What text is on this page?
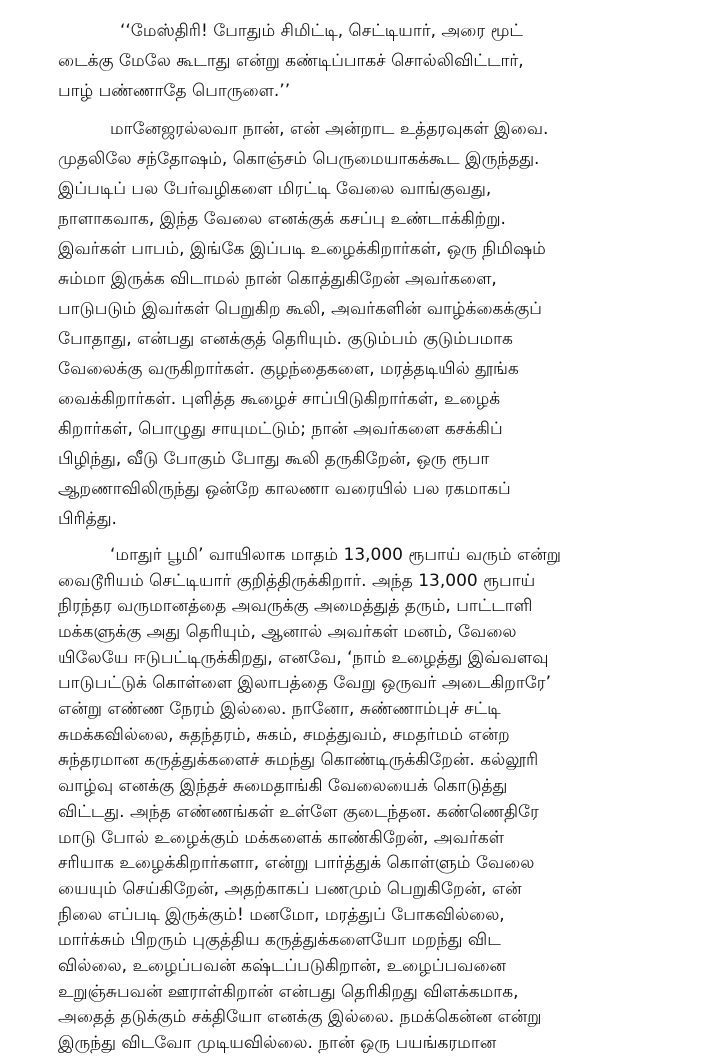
‘‘மேஸ்திரி! போதும் சிமிட்டி, செட்டியார், அரை மூட்
டைக்கு மேலே கூடாது என்று கண்டிப்பாகச் சொல்லிவிட்டார்,
பாழ் பண்ணாதே பொருளை.’’
மானேஜரல்லவா நான், என் அன்றாட உத்தரவுகள் இவை.
முதலிலே சந்தோஷம், கொஞ்சம் பெருமையாகக்கூட இருந்தது.
இப்படிப் பல பேர்வழிகளை மிரட்டி வேலை வாங்குவது,
நாளாகவாக, இந்த வேலை எனக்குக் கசப்பு உண்டாக்கிற்று.
இவர்கள் பாபம், இங்கே இப்படி உழைக்கிறார்கள், ஒரு நிமிஷம்
சும்மா இருக்க விடாமல் நான் கொத்துகிறேன் அவர்களை,
பாடுபடும் இவர்கள் பெறுகிற கூலி, அவர்களின் வாழ்க்கைக்குப்
போதாது, என்பது எனக்குத் தெரியும். குடும்பம் குடும்பமாக
வேலைக்கு வருகிறார்கள். குழந்தைகளை, மரத்தடியில் தூங்க
வைக்கிறார்கள். புளித்த கூழைச் சாப்பிடுகிறார்கள், உழைக்
கிறார்கள், பொழுது சாயுமட்டும்; நான் அவர்களை கசக்கிப்
பிழிந்து, வீடு போகும் போது கூலி தருகிறேன், ஒரு ரூபா
ஆறணாவிலிருந்து ஒன்றே காலணா வரையில் பல ரகமாகப்
பிரித்து.
‘மாதுர் பூமி’ வாயிலாக மாதம் 13,000 ரூபாய் வரும் என்று
வைடூரியம் செட்டியார் குறித்திருக்கிறார். அந்த 13,000 ரூபாய்
நிரந்தர வருமானத்தை அவருக்கு அமைத்துத் தரும், பாட்டாளி
மக்களுக்கு அது தெரியும், ஆனால் அவர்கள் மனம், வேலை
யிலேயே ஈடுபட்டிருக்கிறது, எனவே, ‘நாம் உழைத்து இவ்வளவு
பாடுபட்டுக் கொள்ளை இலாபத்தை வேறு ஒருவர் அடைகிறாரே’
என்று எண்ண நேரம் இல்லை. நானோ, சுண்ணாம்புச் சட்டி
சுமக்கவில்லை, சுதந்தரம், சுகம், சமத்துவம், சமதர்மம் என்ற
சுந்தரமான கருத்துக்களைச் சுமந்து கொண்டிருக்கிறேன். கல்லூரி
வாழ்வு எனக்கு இந்தச் சுமைதாங்கி வேலையைக் கொடுத்து
விட்டது. அந்த எண்ணங்கள் உள்ளே குடைந்தன. கண்ணெதிரே
மாடு போல் உழைக்கும் மக்களைக் காண்கிறேன், அவர்கள்
சரியாக உழைக்கிறார்களா, என்று பார்த்துக் கொள்ளும் வேலை
யையும் செய்கிறேன், அதற்காகப் பணமும் பெறுகிறேன், என்
நிலை எப்படி இருக்கும்! மனமோ, மரத்துப் போகவில்லை,
மார்க்சும் பிறரும் புகுத்திய கருத்துக்களையோ மறந்து விட
வில்லை, உழைப்பவன் கஷ்டப்படுகிறான், உழைப்பவனை
உறுஞ்சுபவன் ஊராள்கிறான் என்பது தெரிகிறது விளக்கமாக,
அதைத் தடுக்கும் சக்தியோ எனக்கு இல்லை. நமக்கென்ன என்று
இருந்து விடவோ முடியவில்லை. நான் ஒரு பயங்கரமான
